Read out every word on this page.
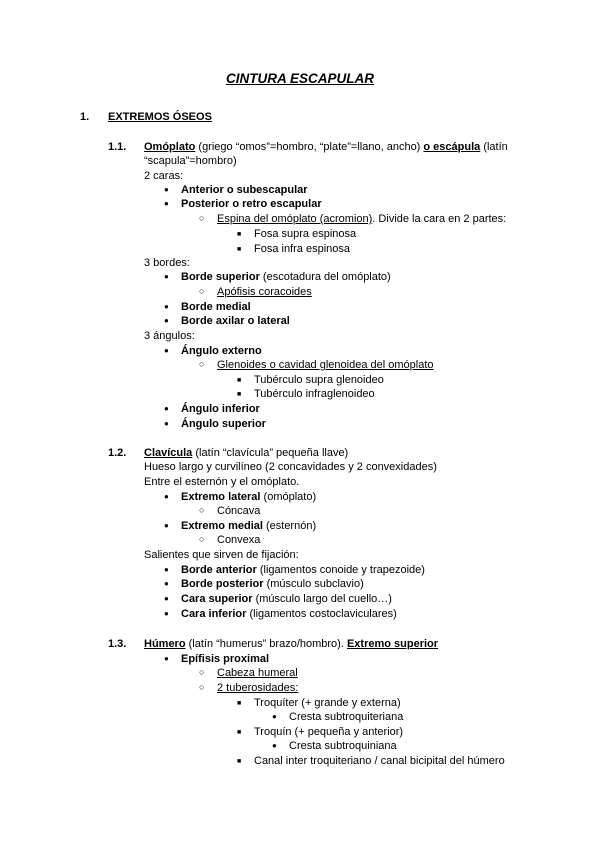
CINTURA ESCAPULAR
1. EXTREMOS ÓSEOS
1.1. Omóplato (griego “omos”=hombro, “plate”=llano, ancho) o escápula (latín
“scapula”=hombro)
2 caras:
●
Anterior o subescapular
●
Posterior o retro escapular
○
Espina del omóplato (acromion). Divide la cara en 2 partes:
■
Fosa supra espinosa
■
Fosa infra espinosa
3 bordes:
●
Borde superior (escotadura del omóplato)
○
Apófisis coracoides
●
Borde medial
●
Borde axilar o lateral
3 ángulos:
●
Ángulo externo
○
Glenoides o cavidad glenoidea del omóplato
■
Tubérculo supra glenoideo
■
Tubérculo infraglenoideo
●
Ángulo inferior
●
Ángulo superior
1.2. Clavícula (latín “clavícula” pequeña llave)
Hueso largo y curvilíneo (2 concavidades y 2 convexidades)
Entre el esternón y el omóplato.
●
Extremo lateral (omóplato)
○
Cóncava
●
Extremo medial (esternón)
○
Convexa
Salientes que sirven de fijación:
●
Borde anterior (ligamentos conoide y trapezoide)
●
Borde posterior (músculo subclavio)
●
Cara superior (músculo largo del cuello…)
●
Cara inferior (ligamentos costoclaviculares)
1.3. Húmero (latín “humerus” brazo/hombro). Extremo superior
●
Epífisis proximal
○
Cabeza humeral
○
2 tuberosidades:
■
Troquíter (+ grande y externa)
●
Cresta subtroquiteriana
■
Troquín (+ pequeña y anterior)
●
Cresta subtroquiniana
■
Canal inter troquiteriano / canal bicipital del húmero
